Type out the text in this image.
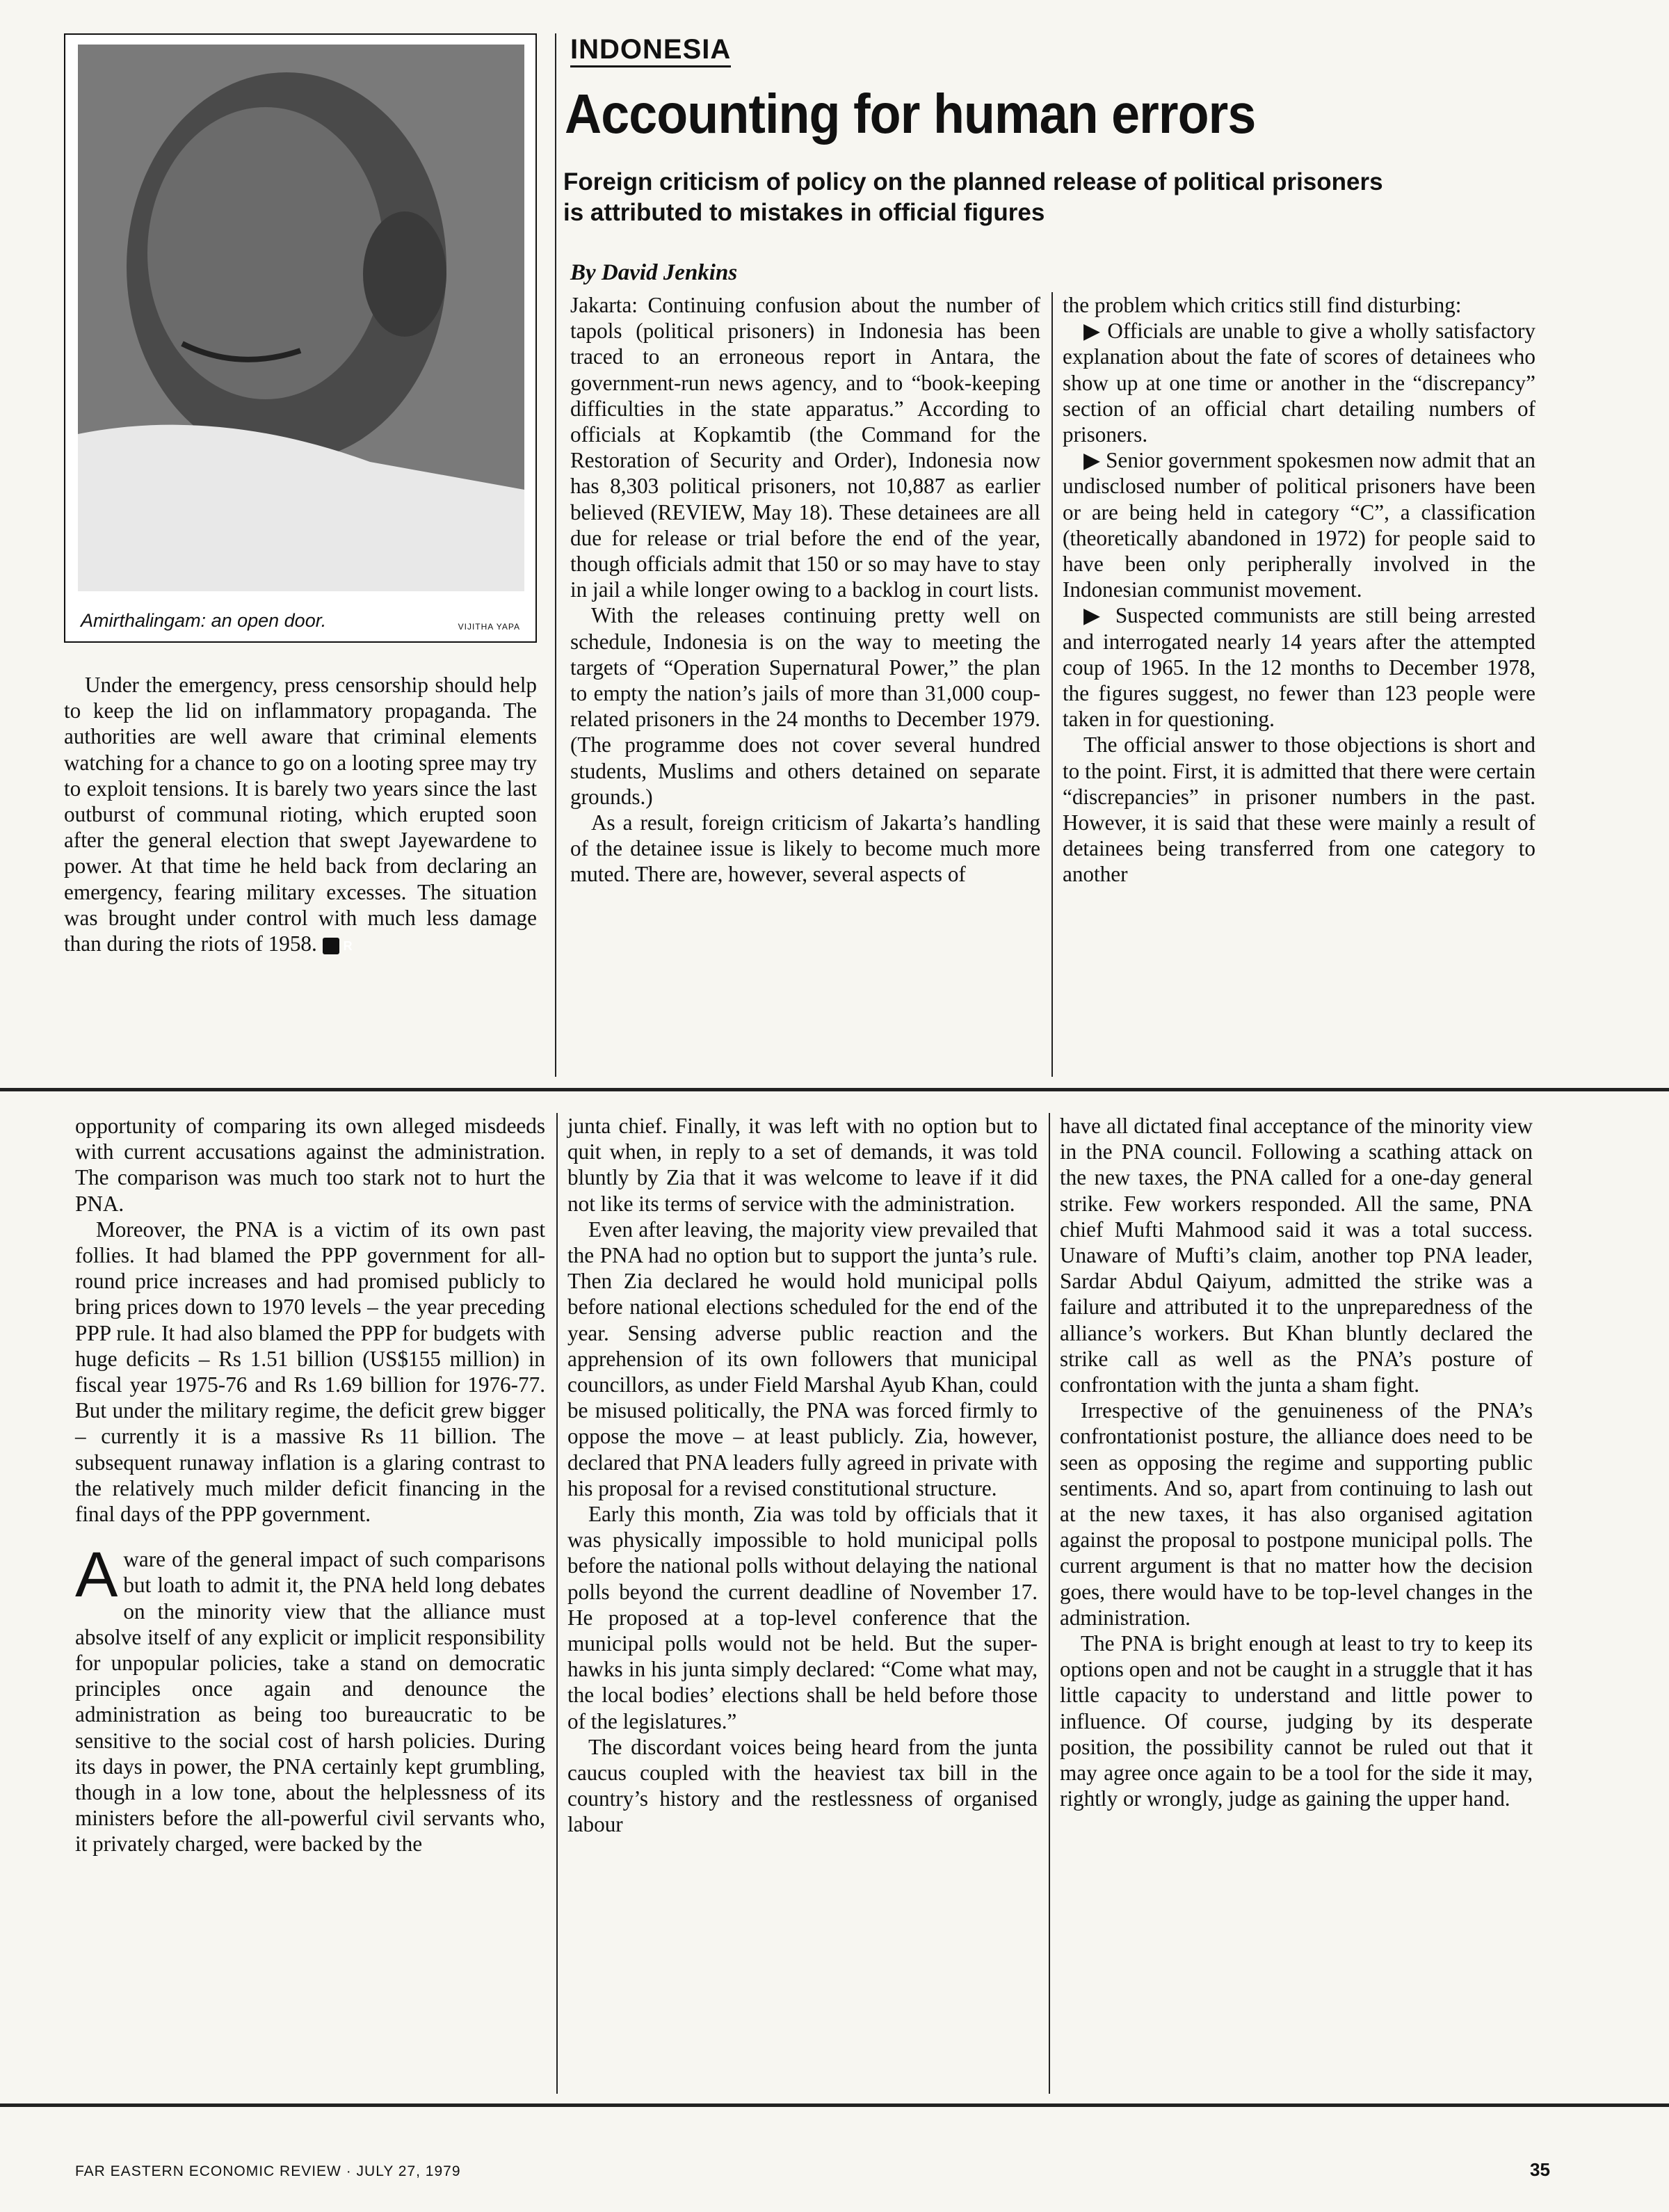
Amirthalingam: an open door.	VIJITHA YAPA

Under the emergency, press censorship should help to keep the lid on inflammatory propaganda. The authorities are well aware that criminal elements watching for a chance to go on a looting spree may try to exploit tensions. It is barely two years since the last outburst of communal rioting, which erupted soon after the general election that swept Jayewardene to power. At that time he held back from declaring an emergency, fearing military excesses. The situation was brought under control with much less damage than during the riots of 1958. R

INDONESIA
Accounting for human errors
Foreign criticism of policy on the planned release of political prisoners is attributed to mistakes in official figures
By David Jenkins

Jakarta: Continuing confusion about the number of tapols (political prisoners) in Indonesia has been traced to an erroneous report in Antara, the government-run news agency, and to “book-keeping difficulties in the state apparatus.” According to officials at Kopkamtib (the Command for the Restoration of Security and Order), Indonesia now has 8,303 political prisoners, not 10,887 as earlier believed (REVIEW, May 18). These detainees are all due for release or trial before the end of the year, though officials admit that 150 or so may have to stay in jail a while longer owing to a backlog in court lists.

With the releases continuing pretty well on schedule, Indonesia is on the way to meeting the targets of “Operation Supernatural Power,” the plan to empty the nation’s jails of more than 31,000 coup-related prisoners in the 24 months to December 1979. (The programme does not cover several hundred students, Muslims and others detained on separate grounds.)

As a result, foreign criticism of Jakarta’s handling of the detainee issue is likely to become much more muted. There are, however, several aspects of

the problem which critics still find disturbing:

▶ Officials are unable to give a wholly satisfactory explanation about the fate of scores of detainees who show up at one time or another in the “discrepancy” section of an official chart detailing numbers of prisoners.

▶ Senior government spokesmen now admit that an undisclosed number of political prisoners have been or are being held in category “C”, a classification (theoretically abandoned in 1972) for people said to have been only peripherally involved in the Indonesian communist movement.

▶ Suspected communists are still being arrested and interrogated nearly 14 years after the attempted coup of 1965. In the 12 months to December 1978, the figures suggest, no fewer than 123 people were taken in for questioning.

The official answer to those objections is short and to the point. First, it is admitted that there were certain “discrepancies” in prisoner numbers in the past. However, it is said that these were mainly a result of detainees being transferred from one category to another

opportunity of comparing its own alleged misdeeds with current accusations against the administration. The comparison was much too stark not to hurt the PNA.

Moreover, the PNA is a victim of its own past follies. It had blamed the PPP government for all-round price increases and had promised publicly to bring prices down to 1970 levels – the year preceding PPP rule. It had also blamed the PPP for budgets with huge deficits – Rs 1.51 billion (US$155 million) in fiscal year 1975-76 and Rs 1.69 billion for 1976-77. But under the military regime, the deficit grew bigger – currently it is a massive Rs 11 billion. The subsequent runaway inflation is a glaring contrast to the relatively much milder deficit financing in the final days of the PPP government.

A ware of the general impact of such comparisons but loath to admit it, the PNA held long debates on the minority view that the alliance must absolve itself of any explicit or implicit responsibility for unpopular policies, take a stand on democratic principles once again and denounce the administration as being too bureaucratic to be sensitive to the social cost of harsh policies. During its days in power, the PNA certainly kept grumbling, though in a low tone, about the helplessness of its ministers before the all-powerful civil servants who, it privately charged, were backed by the

junta chief. Finally, it was left with no option but to quit when, in reply to a set of demands, it was told bluntly by Zia that it was welcome to leave if it did not like its terms of service with the administration.

Even after leaving, the majority view prevailed that the PNA had no option but to support the junta’s rule. Then Zia declared he would hold municipal polls before national elections scheduled for the end of the year. Sensing adverse public reaction and the apprehension of its own followers that municipal councillors, as under Field Marshal Ayub Khan, could be misused politically, the PNA was forced firmly to oppose the move – at least publicly. Zia, however, declared that PNA leaders fully agreed in private with his proposal for a revised constitutional structure.

Early this month, Zia was told by officials that it was physically impossible to hold municipal polls before the national polls without delaying the national polls beyond the current deadline of November 17. He proposed at a top-level conference that the municipal polls would not be held. But the super-hawks in his junta simply declared: “Come what may, the local bodies’ elections shall be held before those of the legislatures.”

The discordant voices being heard from the junta caucus coupled with the heaviest tax bill in the country’s history and the restlessness of organised labour

have all dictated final acceptance of the minority view in the PNA council. Following a scathing attack on the new taxes, the PNA called for a one-day general strike. Few workers responded. All the same, PNA chief Mufti Mahmood said it was a total success. Unaware of Mufti’s claim, another top PNA leader, Sardar Abdul Qaiyum, admitted the strike was a failure and attributed it to the unpreparedness of the alliance’s workers. But Khan bluntly declared the strike call as well as the PNA’s posture of confrontation with the junta a sham fight.

Irrespective of the genuineness of the PNA’s confrontationist posture, the alliance does need to be seen as opposing the regime and supporting public sentiments. And so, apart from continuing to lash out at the new taxes, it has also organised agitation against the proposal to postpone municipal polls. The current argument is that no matter how the decision goes, there would have to be top-level changes in the administration.

The PNA is bright enough at least to try to keep its options open and not be caught in a struggle that it has little capacity to understand and little power to influence. Of course, judging by its desperate position, the possibility cannot be ruled out that it may agree once again to be a tool for the side it may, rightly or wrongly, judge as gaining the upper hand.

FAR EASTERN ECONOMIC REVIEW · JULY 27, 1979	35
